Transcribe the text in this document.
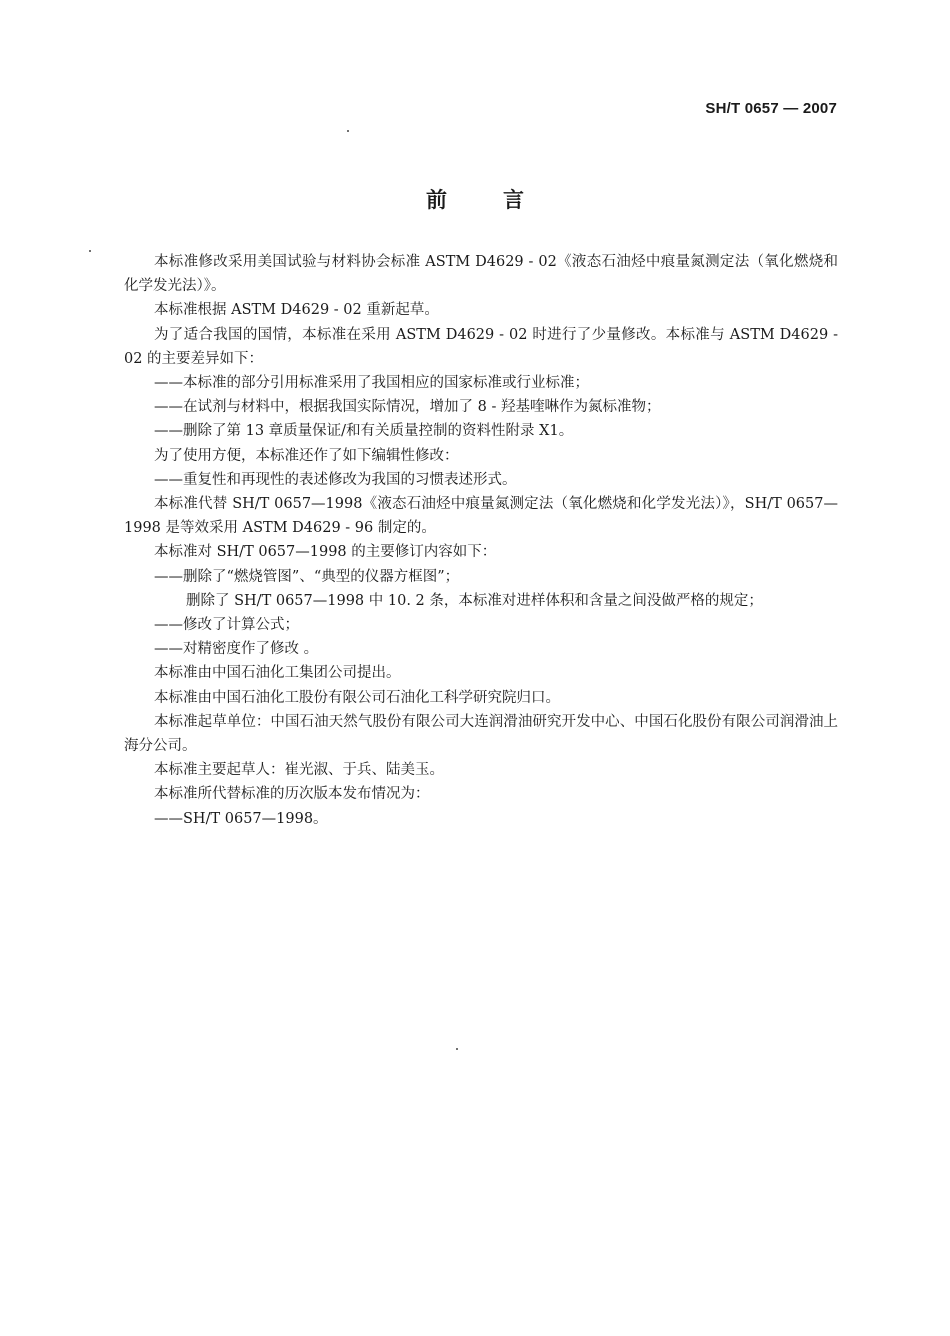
SH/T 0657 — 2007
前	言

本标准修改采用美国试验与材料协会标准 ASTM D4629 - 02《液态石油烃中痕量氮测定法（氧化燃烧和化学发光法）》。

本标准根据 ASTM D4629 - 02 重新起草。

为了适合我国的国情，本标准在采用 ASTM D4629 - 02 时进行了少量修改。本标准与 ASTM D4629 - 02 的主要差异如下：

——本标准的部分引用标准采用了我国相应的国家标准或行业标准；

——在试剂与材料中，根据我国实际情况，增加了 8 - 羟基喹啉作为氮标准物；

——删除了第 13 章质量保证/和有关质量控制的资料性附录 X1。

为了使用方便，本标准还作了如下编辑性修改：

——重复性和再现性的表述修改为我国的习惯表述形式。

本标准代替 SH/T 0657—1998《液态石油烃中痕量氮测定法（氧化燃烧和化学发光法）》，SH/T 0657—1998 是等效采用 ASTM D4629 - 96 制定的。

本标准对 SH/T 0657—1998 的主要修订内容如下：

——删除了“燃烧管图”、“典型的仪器方框图”；

删除了 SH/T 0657—1998 中 10. 2 条，本标准对进样体积和含量之间没做严格的规定；

——修改了计算公式；

——对精密度作了修改 。

本标准由中国石油化工集团公司提出。

本标准由中国石油化工股份有限公司石油化工科学研究院归口。

本标准起草单位：中国石油天然气股份有限公司大连润滑油研究开发中心、中国石化股份有限公司润滑油上海分公司。

本标准主要起草人：崔光淑、于兵、陆美玉。

本标准所代替标准的历次版本发布情况为：

——SH/T 0657—1998。
